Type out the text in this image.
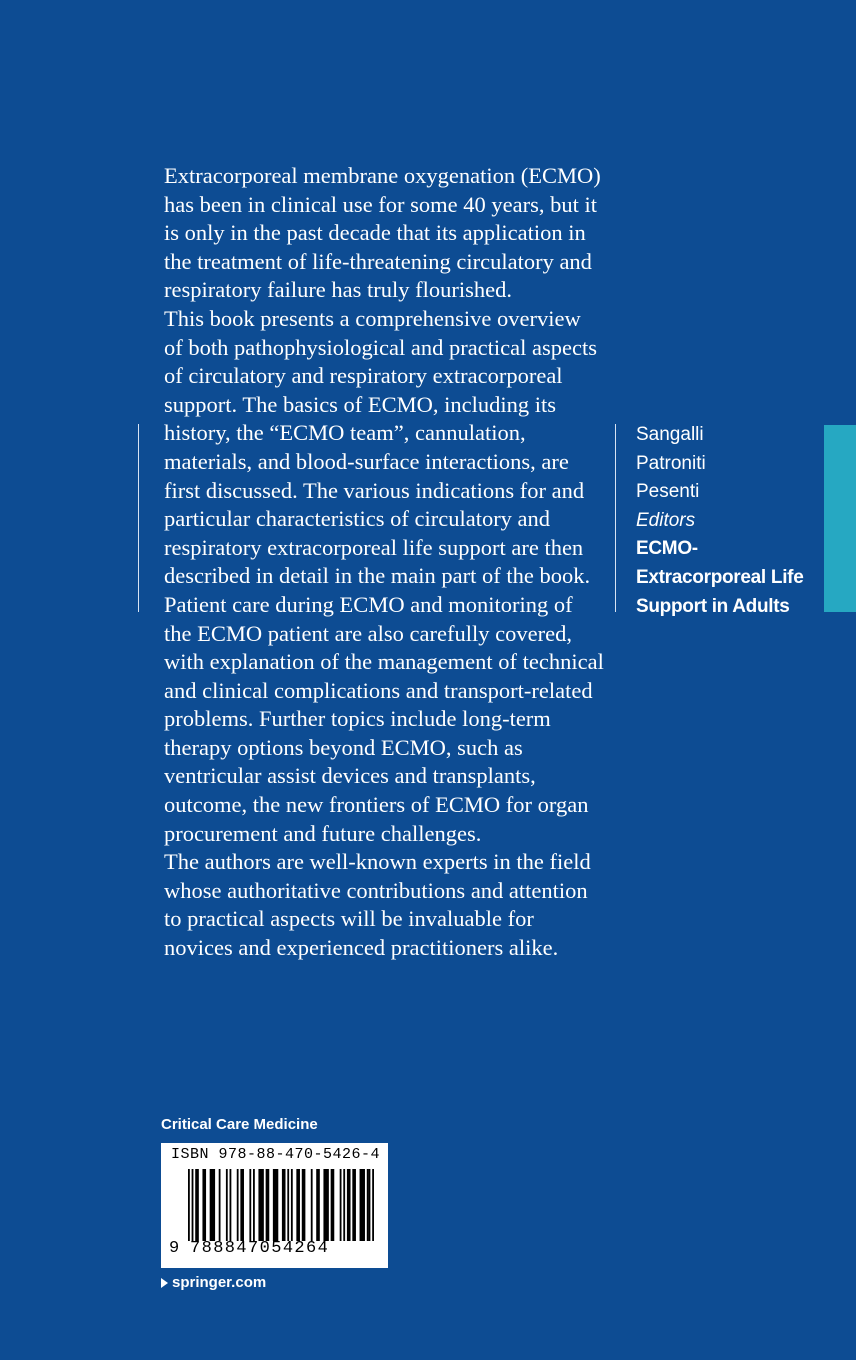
Extracorporeal membrane oxygenation (ECMO) has been in clinical use for some 40 years, but it is only in the past decade that its application in the treatment of life-threatening circulatory and respiratory failure has truly flourished.

This book presents a comprehensive overview of both pathophysiological and practical aspects of circulatory and respiratory extracorporeal support. The basics of ECMO, including its history, the “ECMO team”, cannulation, materials, and blood-surface interactions, are first discussed. The various indications for and particular characteristics of circulatory and respiratory extracorporeal life support are then described in detail in the main part of the book. Patient care during ECMO and monitoring of the ECMO patient are also carefully covered, with explanation of the management of technical and clinical complications and transport-related problems. Further topics include long-term therapy options beyond ECMO, such as ventricular assist devices and transplants, outcome, the new frontiers of ECMO for organ procurement and future challenges.

The authors are well-known experts in the field whose authoritative contributions and attention to practical aspects will be invaluable for novices and experienced practitioners alike.

Sangalli
Patroniti
Pesenti
Editors
ECMO-Extracorporeal Life Support in Adults
Critical Care Medicine
ISBN 978-88-470-5426-4
9 788847054264
springer.com
